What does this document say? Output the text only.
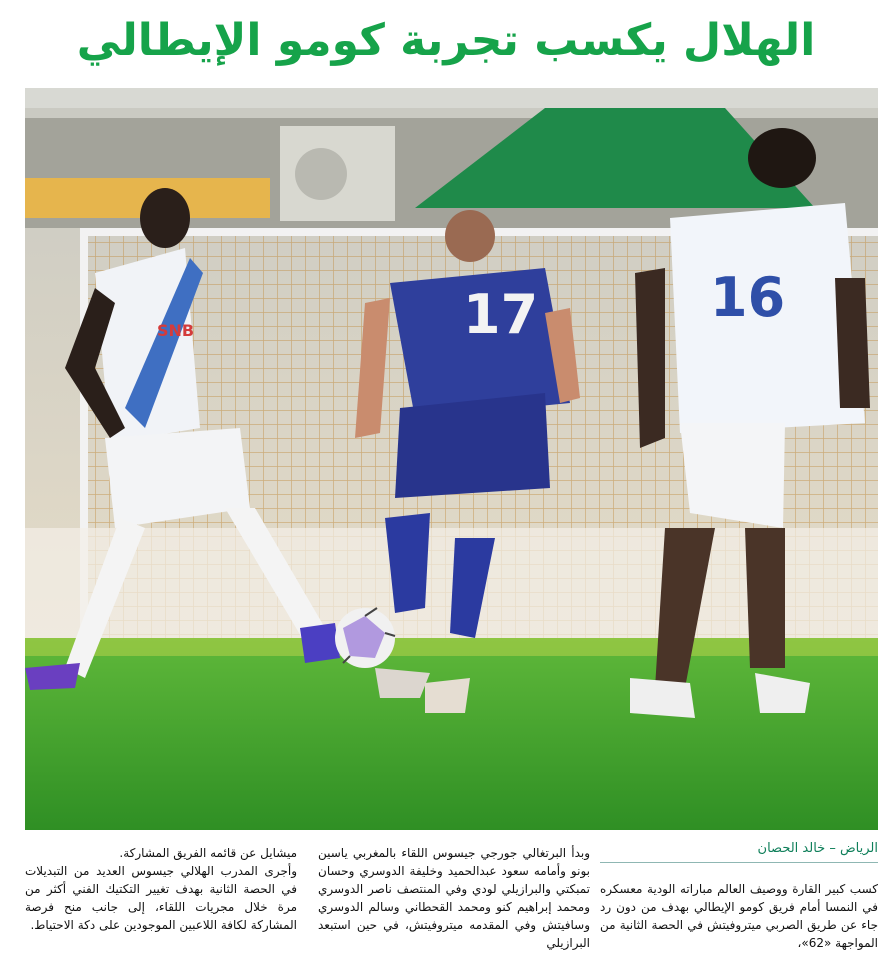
الهلال يكسب تجربة كومو الإيطالي
SNB	17	16
الرياض – خالد الحصان

كسب كبير القارة ووصيف العالم مباراته الودية معسكره في النمسا أمام فريق كومو الإيطالي بهدف من دون رد جاء عن طريق الصربي ميتروفيتش في الحصة الثانية من المواجهة «62»،

وبدأ البرتغالي جورجي جيسوس اللقاء بالمغربي ياسين بونو وأمامه سعود عبدالحميد وخليفة الدوسري وحسان تمبكتي والبرازيلي لودي وفي المنتصف ناصر الدوسري ومحمد إبراهيم كنو ومحمد القحطاني وسالم الدوسري وسافيتش وفي المقدمه ميتروفيتش، في حين استبعد البرازيلي

ميشايل عن قائمه الفريق المشاركة.

وأجرى المدرب الهلالي جيسوس العديد من التبديلات في الحصة الثانية بهدف تغيير التكتيك الفني أكثر من مرة خلال مجريات اللقاء، إلى جانب منح فرصة المشاركة لكافة اللاعبين الموجودين على دكة الاحتياط.
